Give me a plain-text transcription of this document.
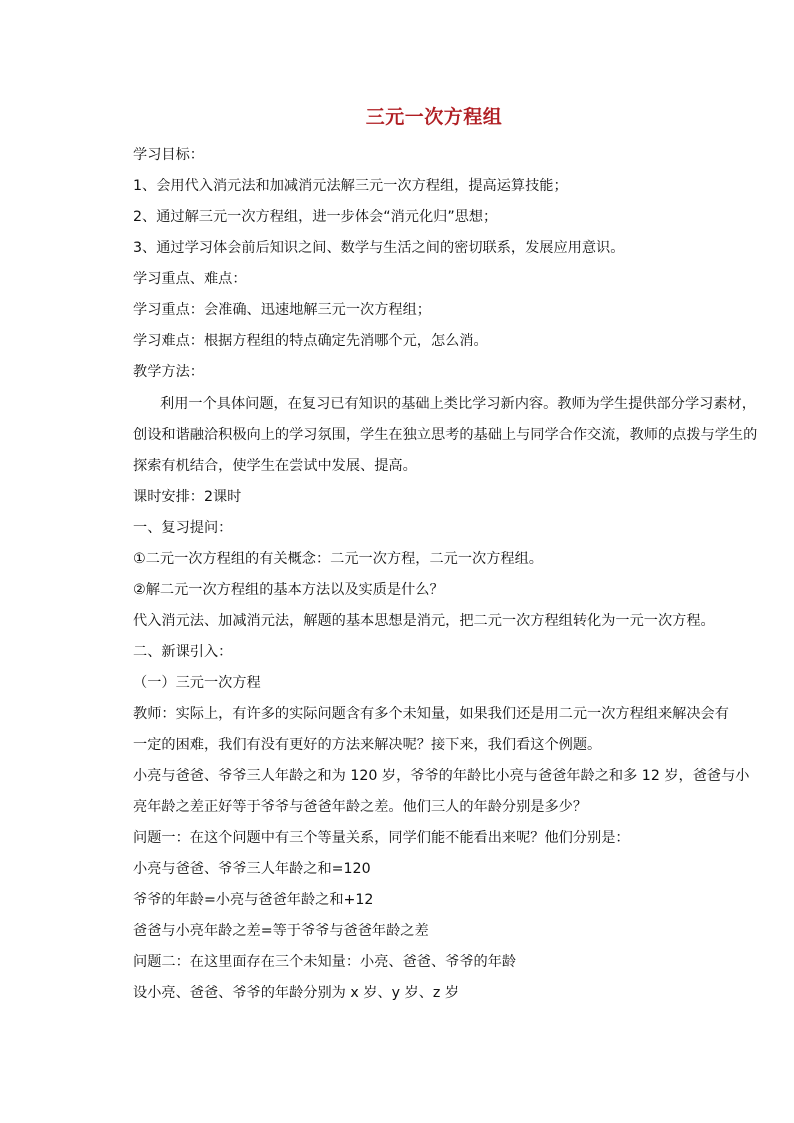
三元一次方程组
学习目标：
1、会用代入消元法和加减消元法解三元一次方程组，提高运算技能；
2、通过解三元一次方程组，进一步体会“消元化归”思想；
3、通过学习体会前后知识之间、数学与生活之间的密切联系，发展应用意识。
学习重点、难点：
学习重点：会准确、迅速地解三元一次方程组；
学习难点：根据方程组的特点确定先消哪个元，怎么消。
教学方法：
利用一个具体问题，在复习已有知识的基础上类比学习新内容。教师为学生提供部分学习素材，
创设和谐融洽积极向上的学习氛围，学生在独立思考的基础上与同学合作交流，教师的点拨与学生的
探索有机结合，使学生在尝试中发展、提高。
课时安排：2课时
一、复习提问：
①二元一次方程组的有关概念：二元一次方程，二元一次方程组。
②解二元一次方程组的基本方法以及实质是什么？
代入消元法、加减消元法，解题的基本思想是消元，把二元一次方程组转化为一元一次方程。
二、新课引入：
（一）三元一次方程
教师：实际上，有许多的实际问题含有多个未知量，如果我们还是用二元一次方程组来解决会有
一定的困难，我们有没有更好的方法来解决呢？接下来，我们看这个例题。
小亮与爸爸、爷爷三人年龄之和为 120 岁，爷爷的年龄比小亮与爸爸年龄之和多 12 岁，爸爸与小
亮年龄之差正好等于爷爷与爸爸年龄之差。他们三人的年龄分别是多少？
问题一：在这个问题中有三个等量关系，同学们能不能看出来呢？他们分别是：
小亮与爸爸、爷爷三人年龄之和=120
爷爷的年龄=小亮与爸爸年龄之和+12
爸爸与小亮年龄之差=等于爷爷与爸爸年龄之差
问题二：在这里面存在三个未知量：小亮、爸爸、爷爷的年龄
设小亮、爸爸、爷爷的年龄分别为 x 岁、y 岁、z 岁
